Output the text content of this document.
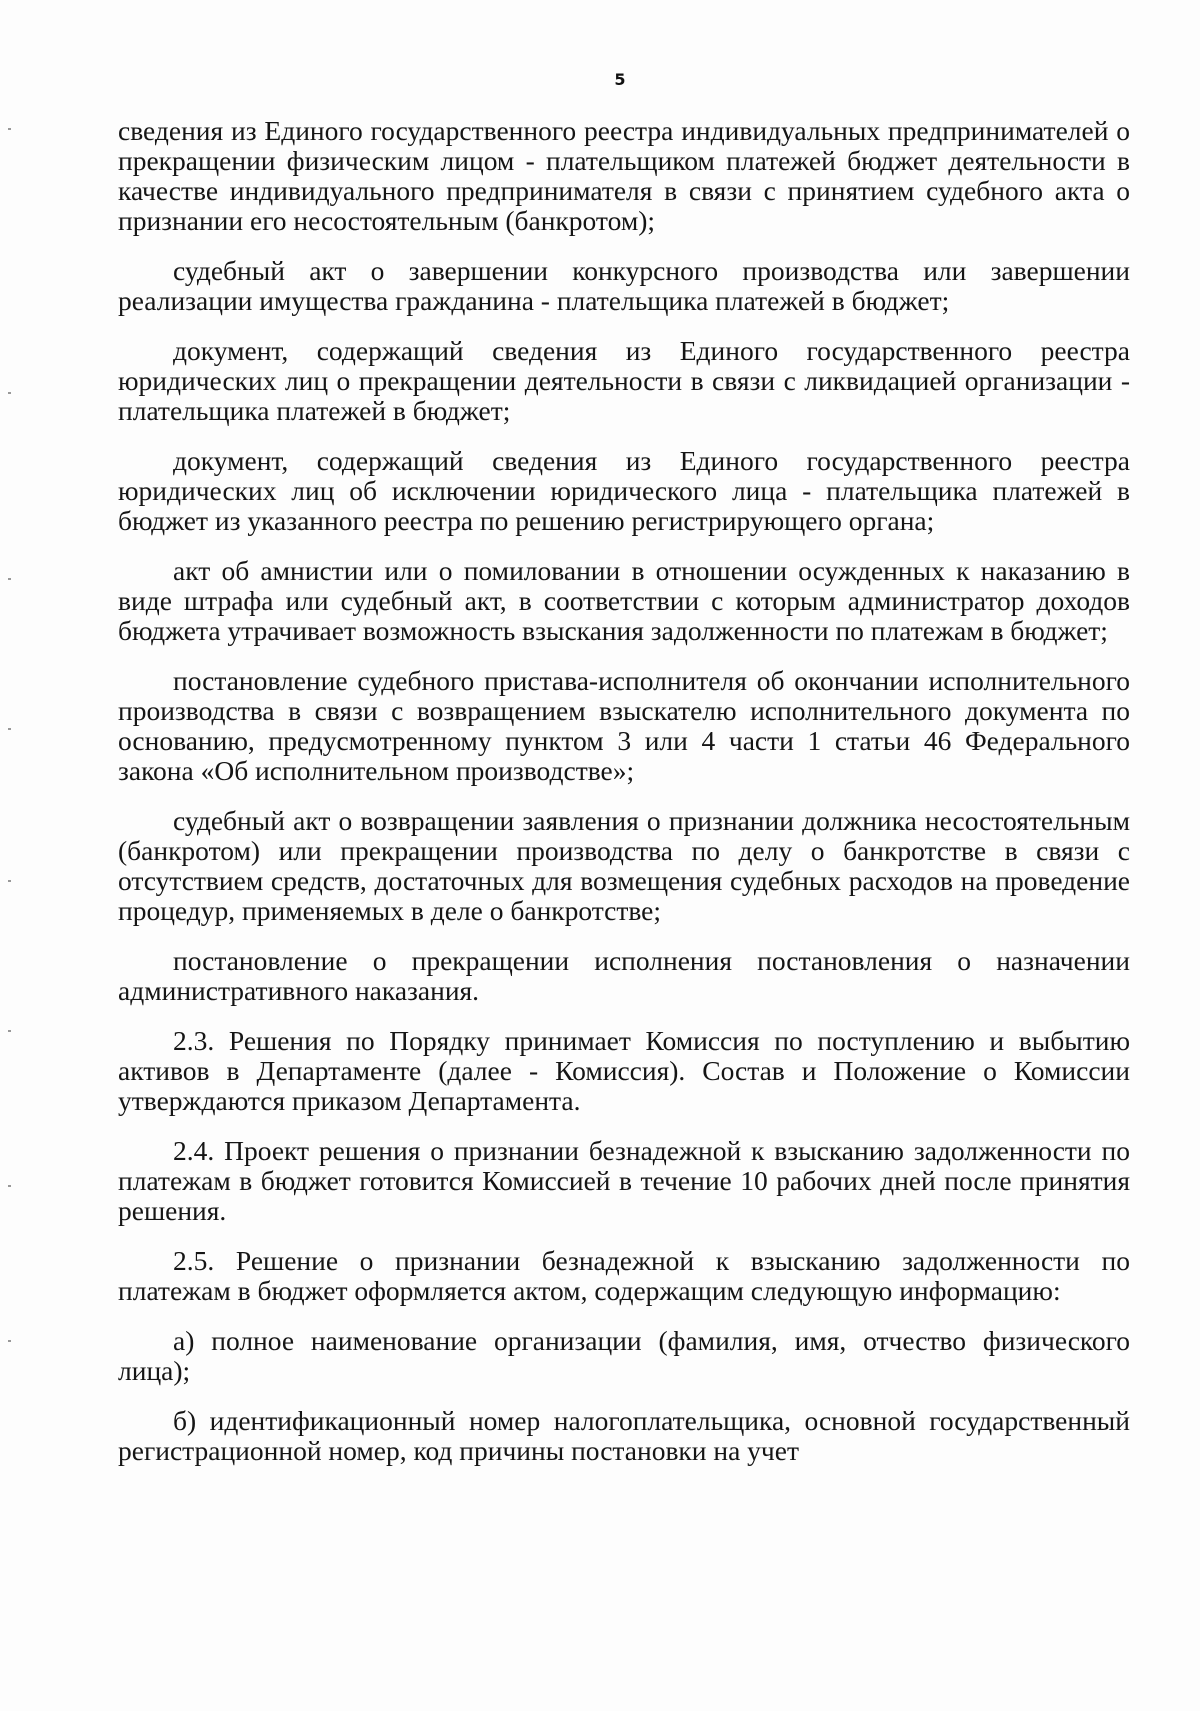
5

сведения из Единого государственного реестра индивидуальных предпринимателей о прекращении физическим лицом - плательщиком платежей бюджет деятельности в качестве индивидуального предпринимателя в связи с принятием судебного акта о признании его несостоятельным (банкротом);

судебный акт о завершении конкурсного производства или завершении реализации имущества гражданина - плательщика платежей в бюджет;

документ, содержащий сведения из Единого государственного реестра юридических лиц о прекращении деятельности в связи с ликвидацией организации - плательщика платежей в бюджет;

документ, содержащий сведения из Единого государственного реестра юридических лиц об исключении юридического лица - плательщика платежей в бюджет из указанного реестра по решению регистрирующего органа;

акт об амнистии или о помиловании в отношении осужденных к наказанию в виде штрафа или судебный акт, в соответствии с которым администратор доходов бюджета утрачивает возможность взыскания задолженности по платежам в бюджет;

постановление судебного пристава-исполнителя об окончании исполнительного производства в связи с возвращением взыскателю исполнительного документа по основанию, предусмотренному пунктом 3 или 4 части 1 статьи 46 Федерального закона «Об исполнительном производстве»;

судебный акт о возвращении заявления о признании должника несостоятельным (банкротом) или прекращении производства по делу о банкротстве в связи с отсутствием средств, достаточных для возмещения судебных расходов на проведение процедур, применяемых в деле о банкротстве;

постановление о прекращении исполнения постановления о назначении административного наказания.

2.3. Решения по Порядку принимает Комиссия по поступлению и выбытию активов в Департаменте (далее - Комиссия). Состав и Положение о Комиссии утверждаются приказом Департамента.

2.4. Проект решения о признании безнадежной к взысканию задолженности по платежам в бюджет готовится Комиссией в течение 10 рабочих дней после принятия решения.

2.5. Решение о признании безнадежной к взысканию задолженности по платежам в бюджет оформляется актом, содержащим следующую информацию:

а) полное наименование организации (фамилия, имя, отчество физического лица);

б) идентификационный номер налогоплательщика, основной государственный регистрационной номер, код причины постановки на учет
